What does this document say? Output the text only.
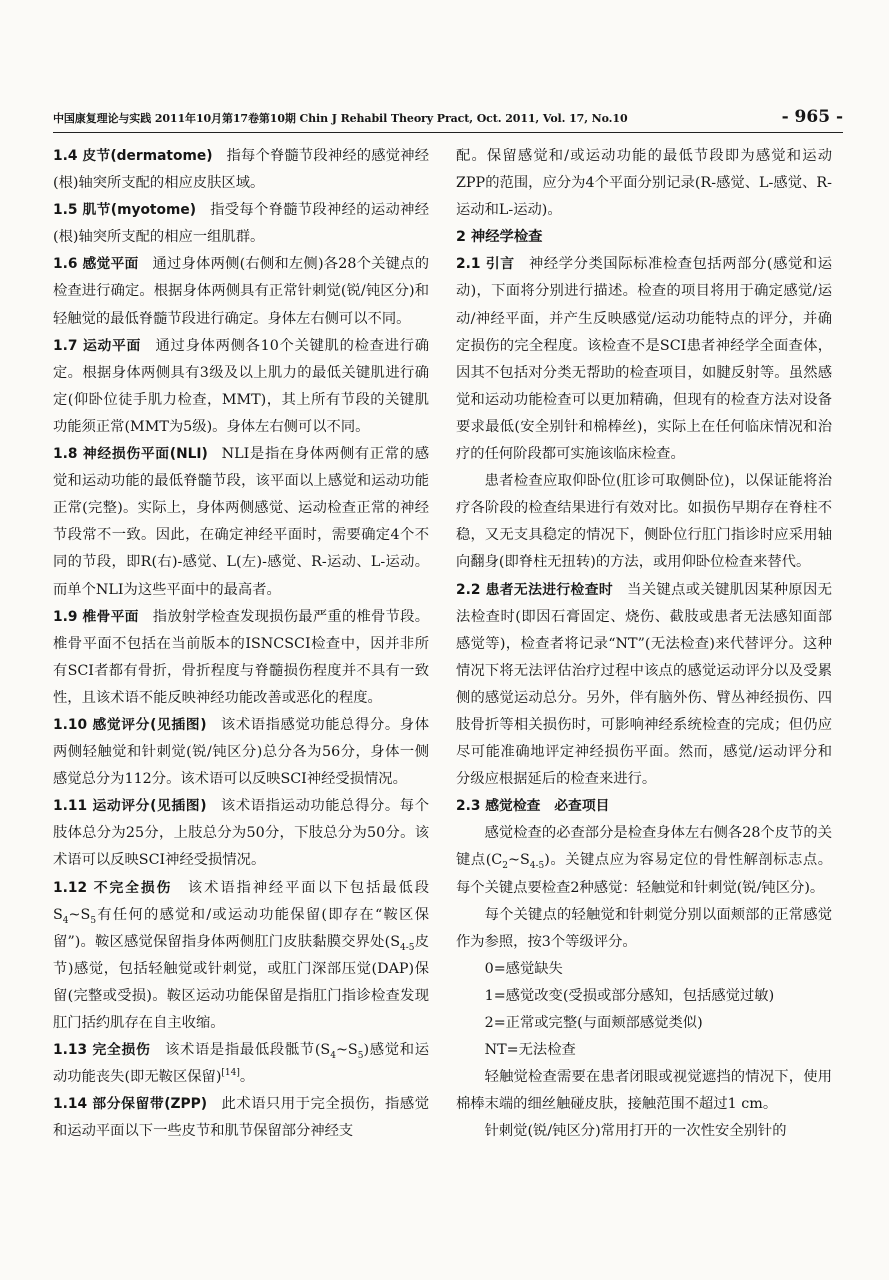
中国康复理论与实践 2011年10月第17卷第10期 Chin J Rehabil Theory Pract, Oct. 2011, Vol. 17, No.10	- 965 -

1.4 皮节(dermatome) 指每个脊髓节段神经的感觉神经(根)轴突所支配的相应皮肤区域。

1.5 肌节(myotome) 指受每个脊髓节段神经的运动神经(根)轴突所支配的相应一组肌群。

1.6 感觉平面 通过身体两侧(右侧和左侧)各28个关键点的检查进行确定。根据身体两侧具有正常针刺觉(锐/钝区分)和轻触觉的最低脊髓节段进行确定。身体左右侧可以不同。

1.7 运动平面 通过身体两侧各10个关键肌的检查进行确定。根据身体两侧具有3级及以上肌力的最低关键肌进行确定(仰卧位徒手肌力检查，MMT)，其上所有节段的关键肌功能须正常(MMT为5级)。身体左右侧可以不同。

1.8 神经损伤平面(NLI) NLI是指在身体两侧有正常的感觉和运动功能的最低脊髓节段，该平面以上感觉和运动功能正常(完整)。实际上，身体两侧感觉、运动检查正常的神经节段常不一致。因此，在确定神经平面时，需要确定4个不同的节段，即R(右)-感觉、L(左)-感觉、R-运动、L-运动。而单个NLI为这些平面中的最高者。

1.9 椎骨平面 指放射学检查发现损伤最严重的椎骨节段。椎骨平面不包括在当前版本的ISNCSCI检查中，因并非所有SCI者都有骨折，骨折程度与脊髓损伤程度并不具有一致性，且该术语不能反映神经功能改善或恶化的程度。

1.10 感觉评分(见插图) 该术语指感觉功能总得分。身体两侧轻触觉和针刺觉(锐/钝区分)总分各为56分，身体一侧感觉总分为112分。该术语可以反映SCI神经受损情况。

1.11 运动评分(见插图) 该术语指运动功能总得分。每个肢体总分为25分，上肢总分为50分，下肢总分为50分。该术语可以反映SCI神经受损情况。

1.12 不完全损伤 该术语指神经平面以下包括最低段$S_4\sim S_5$有任何的感觉和/或运动功能保留(即存在“鞍区保留”)。鞍区感觉保留指身体两侧肛门皮肤黏膜交界处($S_{4-5}$皮节)感觉，包括轻触觉或针刺觉，或肛门深部压觉(DAP)保留(完整或受损)。鞍区运动功能保留是指肛门指诊检查发现肛门括约肌存在自主收缩。

1.13 完全损伤 该术语是指最低段骶节$(S_4\sim S_5)$感觉和运动功能丧失(即无鞍区保留)[14]。

1.14 部分保留带(ZPP) 此术语只用于完全损伤，指感觉和运动平面以下一些皮节和肌节保留部分神经支

配。保留感觉和/或运动功能的最低节段即为感觉和运动ZPP的范围，应分为4个平面分别记录(R-感觉、L-感觉、R-运动和L-运动)。

2 神经学检查

2.1 引言 神经学分类国际标准检查包括两部分(感觉和运动)，下面将分别进行描述。检查的项目将用于确定感觉/运动/神经平面，并产生反映感觉/运动功能特点的评分，并确定损伤的完全程度。该检查不是SCI患者神经学全面查体，因其不包括对分类无帮助的检查项目，如腱反射等。虽然感觉和运动功能检查可以更加精确，但现有的检查方法对设备要求最低(安全别针和棉棒丝)，实际上在任何临床情况和治疗的任何阶段都可实施该临床检查。

患者检查应取仰卧位(肛诊可取侧卧位)，以保证能将治疗各阶段的检查结果进行有效对比。如损伤早期存在脊柱不稳，又无支具稳定的情况下，侧卧位行肛门指诊时应采用轴向翻身(即脊柱无扭转)的方法，或用仰卧位检查来替代。

2.2 患者无法进行检查时 当关键点或关键肌因某种原因无法检查时(即因石膏固定、烧伤、截肢或患者无法感知面部感觉等)，检查者将记录“NT”(无法检查)来代替评分。这种情况下将无法评估治疗过程中该点的感觉运动评分以及受累侧的感觉运动总分。另外，伴有脑外伤、臂丛神经损伤、四肢骨折等相关损伤时，可影响神经系统检查的完成；但仍应尽可能准确地评定神经损伤平面。然而，感觉/运动评分和分级应根据延后的检查来进行。

2.3 感觉检查 必查项目

感觉检查的必查部分是检查身体左右侧各28个皮节的关键点$(C_2\sim S_{4-5})$。关键点应为容易定位的骨性解剖标志点。每个关键点要检查2种感觉：轻触觉和针刺觉(锐/钝区分)。

每个关键点的轻触觉和针刺觉分别以面颊部的正常感觉作为参照，按3个等级评分。

0=感觉缺失

1=感觉改变(受损或部分感知，包括感觉过敏)

2=正常或完整(与面颊部感觉类似)

NT=无法检查

轻触觉检查需要在患者闭眼或视觉遮挡的情况下，使用棉棒末端的细丝触碰皮肤，接触范围不超过1 cm。

针刺觉(锐/钝区分)常用打开的一次性安全别针的
